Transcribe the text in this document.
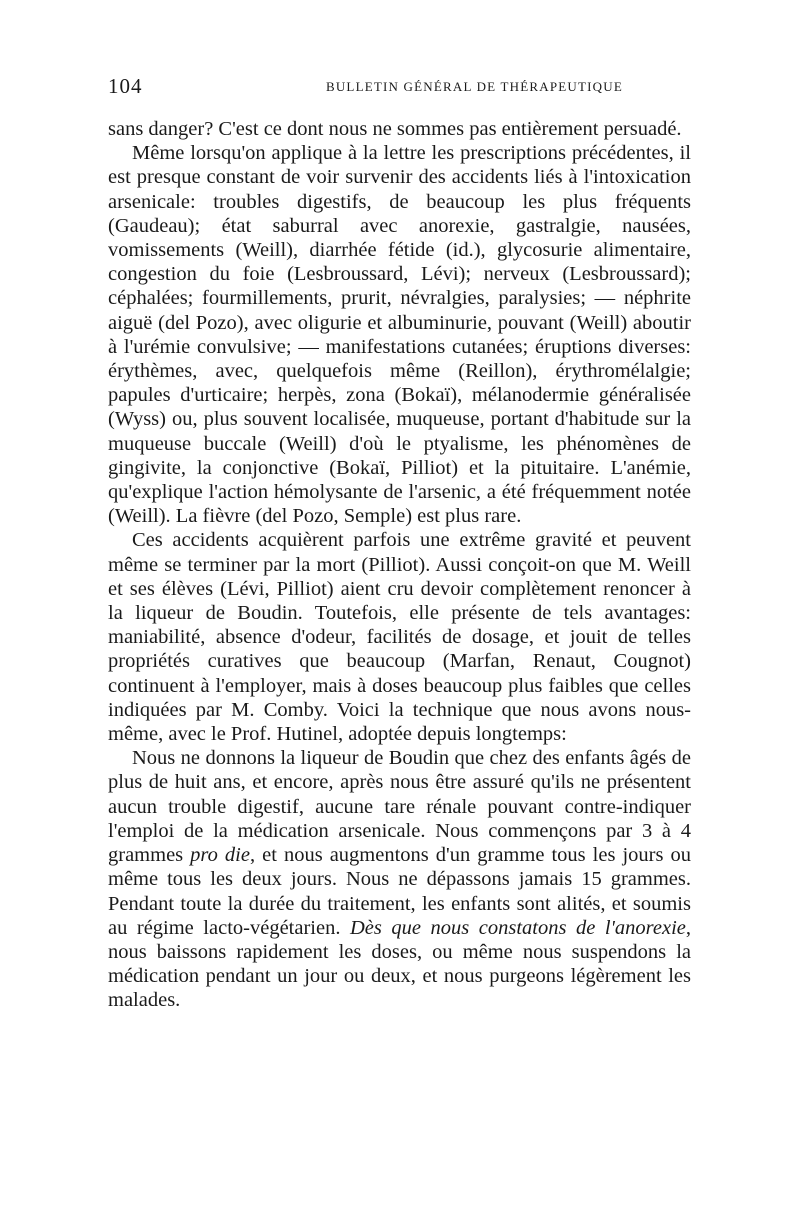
104	BULLETIN GÉNÉRAL DE THÉRAPEUTIQUE

sans danger? C'est ce dont nous ne sommes pas entièrement persuadé.

Même lorsqu'on applique à la lettre les prescriptions précédentes, il est presque constant de voir survenir des accidents liés à l'intoxication arsenicale: troubles digestifs, de beaucoup les plus fréquents (Gaudeau); état saburral avec anorexie, gastralgie, nausées, vomissements (Weill), diarrhée fétide (id.), glycosurie alimentaire, congestion du foie (Lesbroussard, Lévi); nerveux (Lesbroussard); céphalées; fourmillements, prurit, névralgies, paralysies; — néphrite aiguë (del Pozo), avec oligurie et albuminurie, pouvant (Weill) aboutir à l'urémie convulsive; — manifestations cutanées; éruptions diverses: érythèmes, avec, quelquefois même (Reillon), érythromélalgie; papules d'urticaire; herpès, zona (Bokaï), mélanodermie généralisée (Wyss) ou, plus souvent localisée, muqueuse, portant d'habitude sur la muqueuse buccale (Weill) d'où le ptyalisme, les phénomènes de gingivite, la conjonctive (Bokaï, Pilliot) et la pituitaire. L'anémie, qu'explique l'action hémolysante de l'arsenic, a été fréquemment notée (Weill). La fièvre (del Pozo, Semple) est plus rare.

Ces accidents acquièrent parfois une extrême gravité et peuvent même se terminer par la mort (Pilliot). Aussi conçoit-on que M. Weill et ses élèves (Lévi, Pilliot) aient cru devoir complètement renoncer à la liqueur de Boudin. Toutefois, elle présente de tels avantages: maniabilité, absence d'odeur, facilités de dosage, et jouit de telles propriétés curatives que beaucoup (Marfan, Renaut, Cougnot) continuent à l'employer, mais à doses beaucoup plus faibles que celles indiquées par M. Comby. Voici la technique que nous avons nous-même, avec le Prof. Hutinel, adoptée depuis longtemps:

Nous ne donnons la liqueur de Boudin que chez des enfants âgés de plus de huit ans, et encore, après nous être assuré qu'ils ne présentent aucun trouble digestif, aucune tare rénale pouvant contre-indiquer l'emploi de la médication arsenicale. Nous commençons par 3 à 4 grammes pro die, et nous augmentons d'un gramme tous les jours ou même tous les deux jours. Nous ne dépassons jamais 15 grammes. Pendant toute la durée du traitement, les enfants sont alités, et soumis au régime lacto-végétarien. Dès que nous constatons de l'anorexie, nous baissons rapidement les doses, ou même nous suspendons la médication pendant un jour ou deux, et nous purgeons légèrement les malades.
